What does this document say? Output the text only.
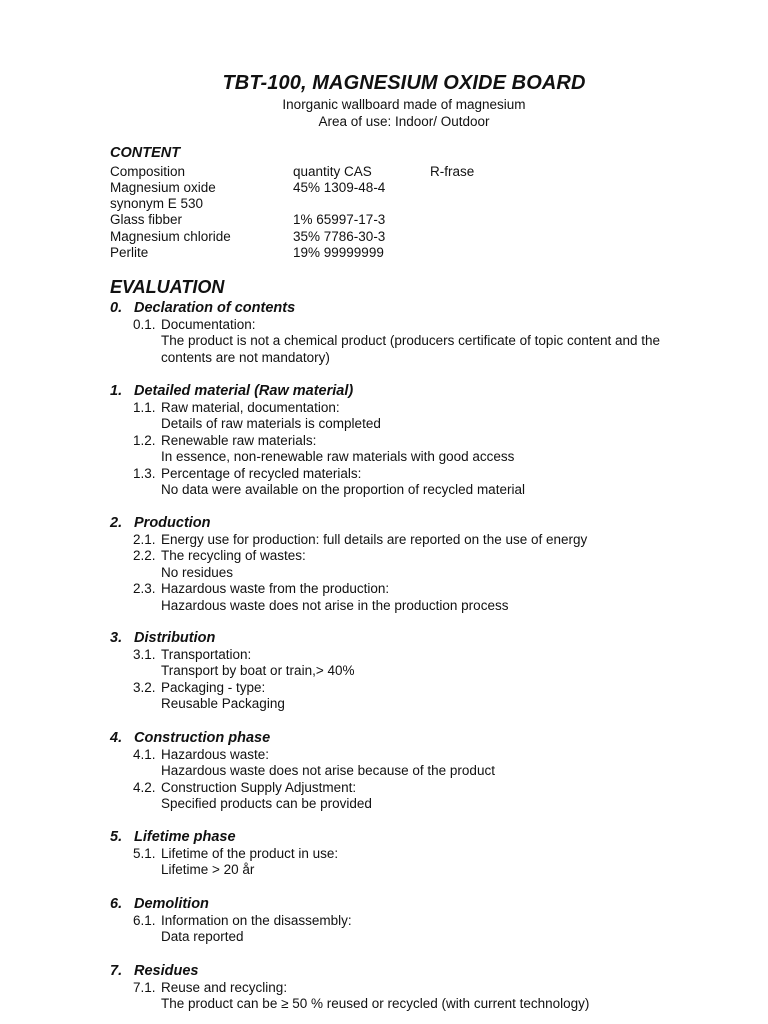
TBT-100, MAGNESIUM OXIDE BOARD
Inorganic wallboard made of magnesium
Area of use: Indoor/ Outdoor
CONTENT
Composition	quantity CAS	R-frase
Magnesium oxide	45% 1309-48-4
synonym E 530
Glass fibber	1% 65997-17-3
Magnesium chloride	35% 7786-30-3
Perlite	19% 99999999
EVALUATION
0. Declaration of contents
0.1. Documentation:
The product is not a chemical product (producers certificate of topic content and the
contents are not mandatory)
1. Detailed material (Raw material)
1.1. Raw material, documentation:
Details of raw materials is completed
1.2. Renewable raw materials:
In essence, non-renewable raw materials with good access
1.3. Percentage of recycled materials:
No data were available on the proportion of recycled material
2. Production
2.1. Energy use for production: full details are reported on the use of energy
2.2. The recycling of wastes:
No residues
2.3. Hazardous waste from the production:
Hazardous waste does not arise in the production process
3. Distribution
3.1. Transportation:
Transport by boat or train,> 40%
3.2. Packaging - type:
Reusable Packaging
4. Construction phase
4.1. Hazardous waste:
Hazardous waste does not arise because of the product
4.2. Construction Supply Adjustment:
Specified products can be provided
5. Lifetime phase
5.1. Lifetime of the product in use:
Lifetime > 20 år
6. Demolition
6.1. Information on the disassembly:
Data reported
7. Residues
7.1. Reuse and recycling:
The product can be ≥ 50 % reused or recycled (with current technology)
